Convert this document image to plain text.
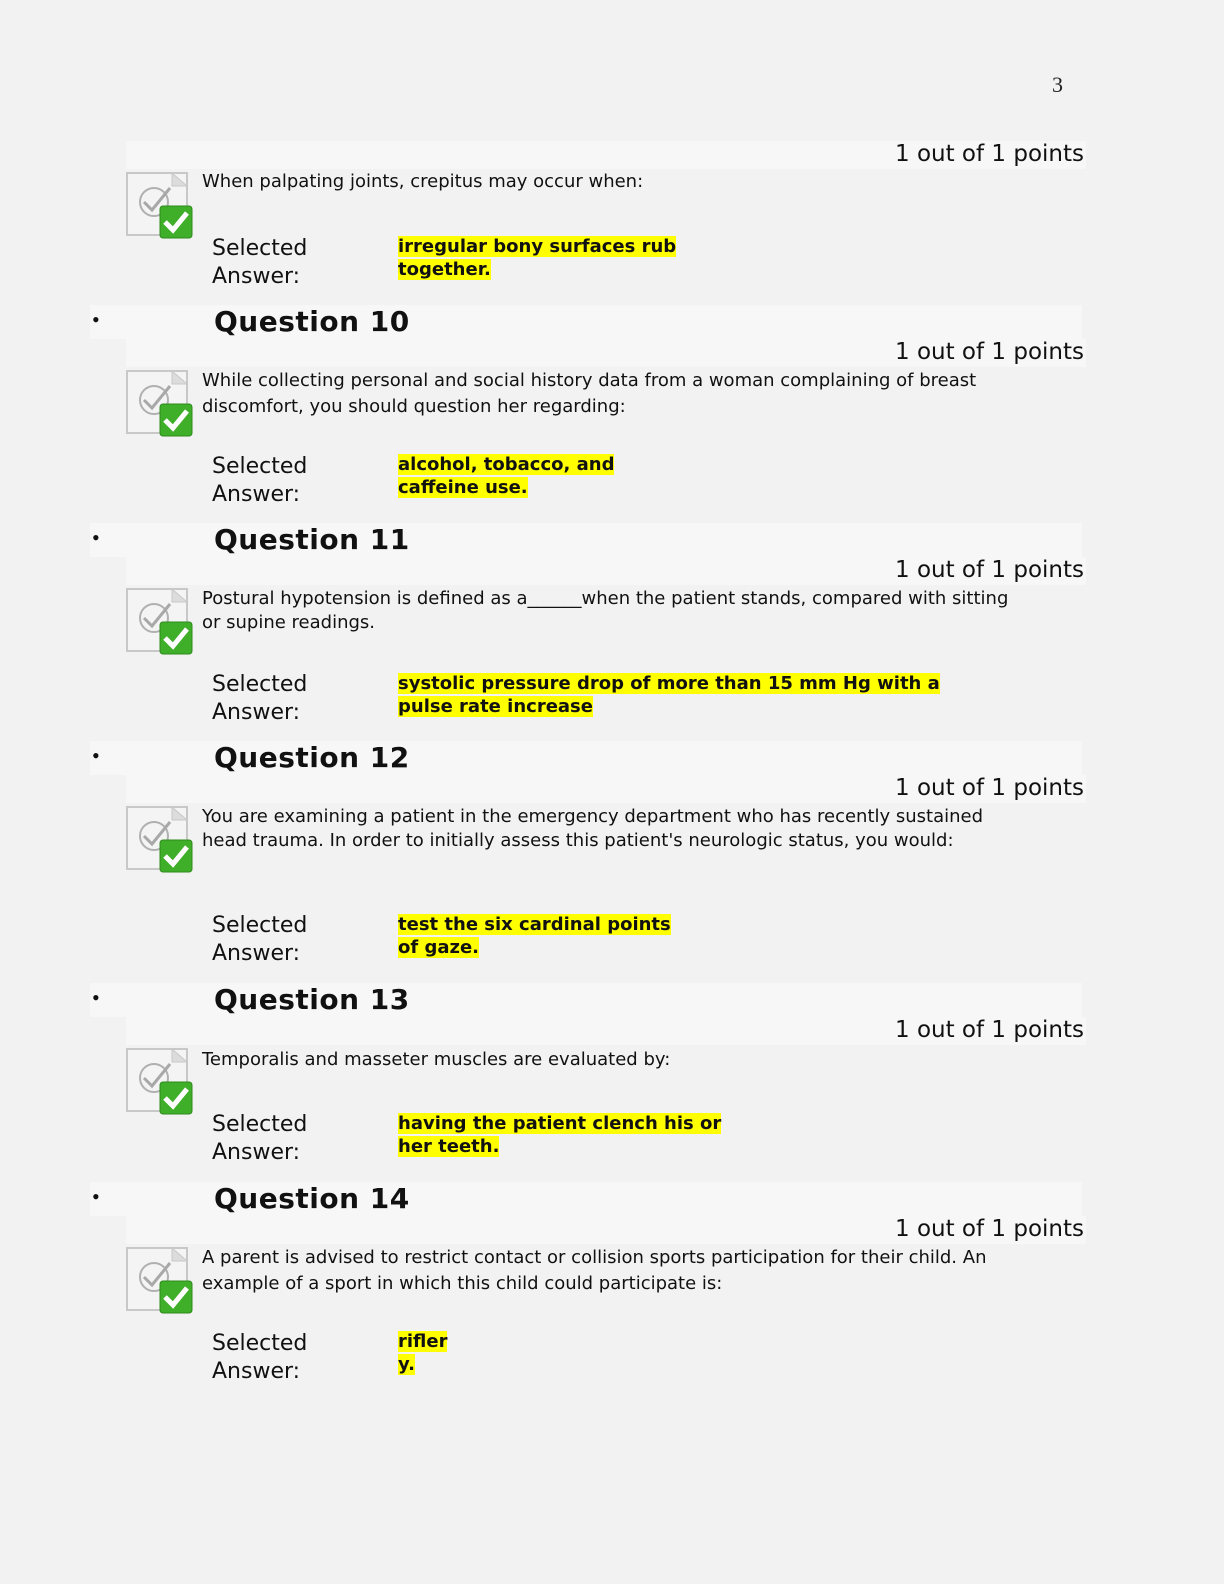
3
1 out of 1 points
When palpating joints, crepitus may occur when:
Selected
Answer:
irregular bony surfaces rub
together.
•	Question 10
1 out of 1 points
While collecting personal and social history data from a woman complaining of breast discomfort, you should question her regarding:
Selected
Answer:
alcohol, tobacco, and
caffeine use.
•	Question 11
1 out of 1 points
Postural hypotension is defined as a______when the patient stands, compared with sitting or supine readings.
Selected
Answer:
systolic pressure drop of more than 15 mm Hg with a
pulse rate increase
•	Question 12
1 out of 1 points
You are examining a patient in the emergency department who has recently sustained head trauma. In order to initially assess this patient's neurologic status, you would:
Selected
Answer:
test the six cardinal points
of gaze.
•	Question 13
1 out of 1 points
Temporalis and masseter muscles are evaluated by:
Selected
Answer:
having the patient clench his or
her teeth.
•	Question 14
1 out of 1 points
A parent is advised to restrict contact or collision sports participation for their child. An example of a sport in which this child could participate is:
Selected
Answer:
rifler
y.
